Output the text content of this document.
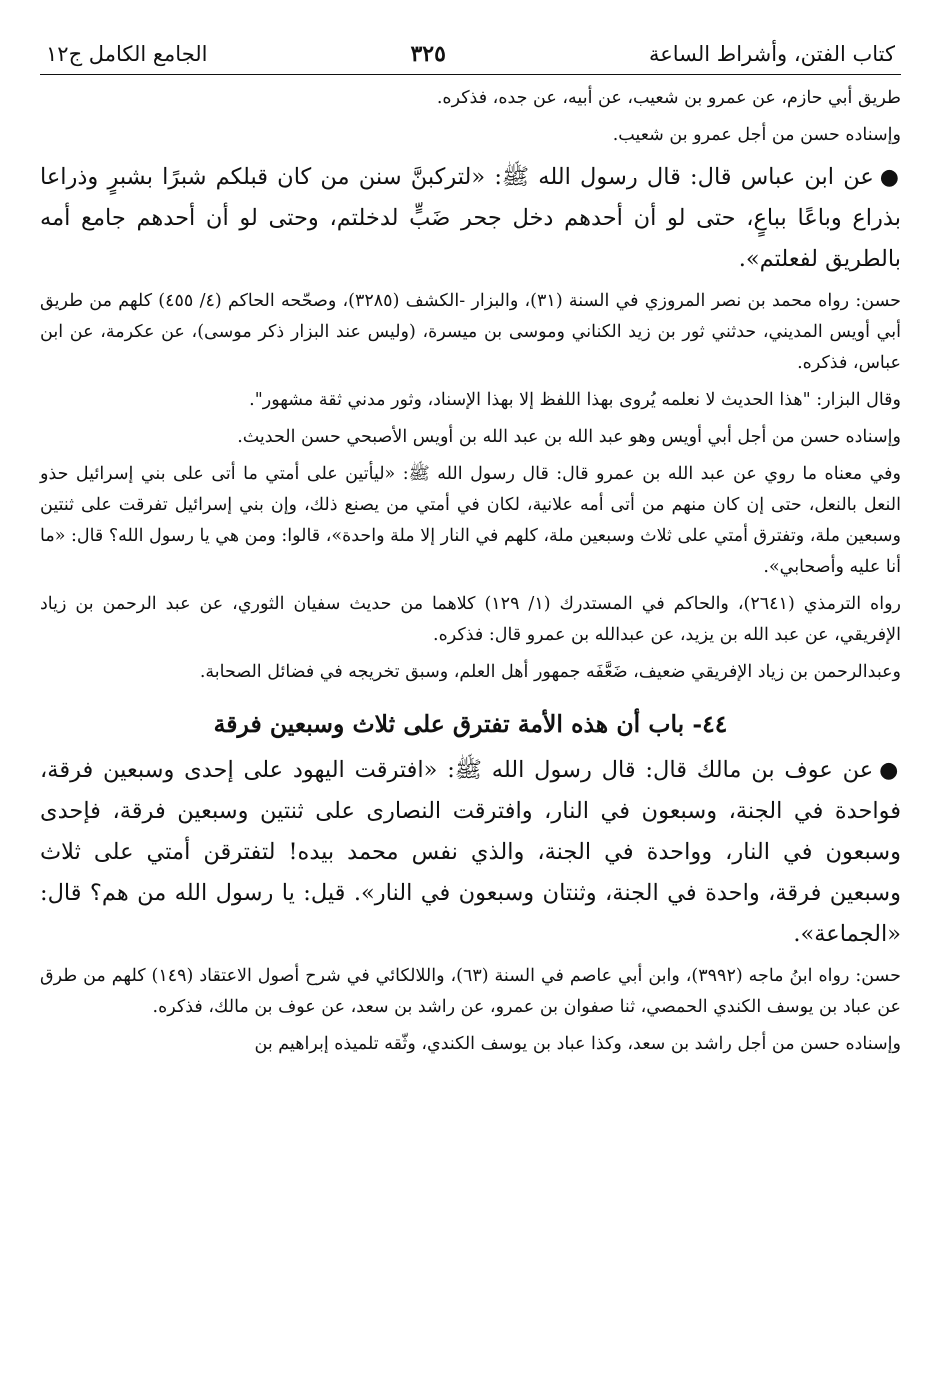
كتاب الفتن، وأشراط الساعة
٣٢٥
الجامع الكامل ج١٢

طريق أبي حازم، عن عمرو بن شعيب، عن أبيه، عن جده، فذكره.

وإسناده حسن من أجل عمرو بن شعيب.

●عن ابن عباس قال: قال رسول الله ﷺ: «لتركبنَّ سنن من كان قبلكم شبرًا بشبرٍ وذراعا بذراع وباعًا بباعٍ، حتى لو أن أحدهم دخل جحر ضَبٍّ لدخلتم، وحتى لو أن أحدهم جامع أمه بالطريق لفعلتم».

حسن: رواه محمد بن نصر المروزي في السنة (٣١)، والبزار -الكشف (٣٢٨٥)، وصحّحه الحاكم (٤/ ٤٥٥) كلهم من طريق أبي أويس المديني، حدثني ثور بن زيد الكناني وموسى بن ميسرة، (وليس عند البزار ذكر موسى)، عن عكرمة، عن ابن عباس، فذكره.

وقال البزار: "هذا الحديث لا نعلمه يُروى بهذا اللفظ إلا بهذا الإسناد، وثور مدني ثقة مشهور".

وإسناده حسن من أجل أبي أويس وهو عبد الله بن عبد الله بن أويس الأصبحي حسن الحديث.

وفي معناه ما روي عن عبد الله بن عمرو قال: قال رسول الله ﷺ: «ليأتين على أمتي ما أتى على بني إسرائيل حذو النعل بالنعل، حتى إن كان منهم من أتى أمه علانية، لكان في أمتي من يصنع ذلك، وإن بني إسرائيل تفرقت على ثنتين وسبعين ملة، وتفترق أمتي على ثلاث وسبعين ملة، كلهم في النار إلا ملة واحدة»، قالوا: ومن هي يا رسول الله؟ قال: «ما أنا عليه وأصحابي».

رواه الترمذي (٢٦٤١)، والحاكم في المستدرك (١/ ١٢٩) كلاهما من حديث سفيان الثوري، عن عبد الرحمن بن زياد الإفريقي، عن عبد الله بن يزيد، عن عبدالله بن عمرو قال: فذكره.

وعبدالرحمن بن زياد الإفريقي ضعيف، ضَعَّفَه جمهور أهل العلم، وسبق تخريجه في فضائل الصحابة.

٤٤- باب أن هذه الأمة تفترق على ثلاث وسبعين فرقة

●عن عوف بن مالك قال: قال رسول الله ﷺ: «افترقت اليهود على إحدى وسبعين فرقة، فواحدة في الجنة، وسبعون في النار، وافترقت النصارى على ثنتين وسبعين فرقة، فإحدى وسبعون في النار، وواحدة في الجنة، والذي نفس محمد بيده! لتفترقن أمتي على ثلاث وسبعين فرقة، واحدة في الجنة، وثنتان وسبعون في النار». قيل: يا رسول الله من هم؟ قال: «الجماعة».

حسن: رواه ابنُ ماجه (٣٩٩٢)، وابن أبي عاصم في السنة (٦٣)، واللالكائي في شرح أصول الاعتقاد (١٤٩) كلهم من طرق عن عباد بن يوسف الكندي الحمصي، ثنا صفوان بن عمرو، عن راشد بن سعد، عن عوف بن مالك، فذكره.

وإسناده حسن من أجل راشد بن سعد، وكذا عباد بن يوسف الكندي، وثّقه تلميذه إبراهيم بن
